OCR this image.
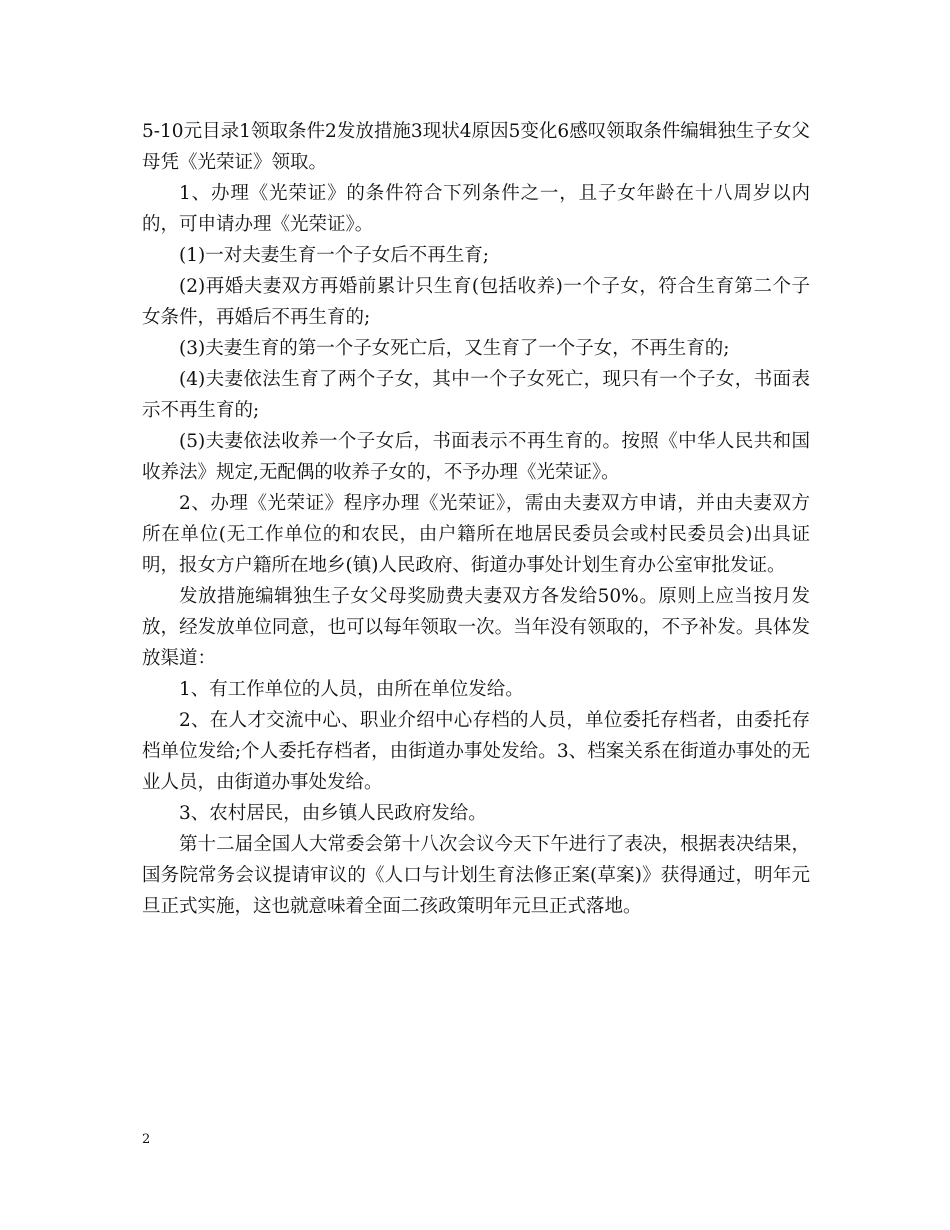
5-10元目录1领取条件2发放措施3现状4原因5变化6感叹领取条件编辑独生子女父母凭《光荣证》领取。

1、办理《光荣证》的条件符合下列条件之一，且子女年龄在十八周岁以内的，可申请办理《光荣证》。

(1)一对夫妻生育一个子女后不再生育;

(2)再婚夫妻双方再婚前累计只生育(包括收养)一个子女，符合生育第二个子女条件，再婚后不再生育的;

(3)夫妻生育的第一个子女死亡后，又生育了一个子女，不再生育的;

(4)夫妻依法生育了两个子女，其中一个子女死亡，现只有一个子女，书面表示不再生育的;

(5)夫妻依法收养一个子女后，书面表示不再生育的。按照《中华人民共和国收养法》规定,无配偶的收养子女的，不予办理《光荣证》。

2、办理《光荣证》程序办理《光荣证》，需由夫妻双方申请，并由夫妻双方所在单位(无工作单位的和农民，由户籍所在地居民委员会或村民委员会)出具证明，报女方户籍所在地乡(镇)人民政府、街道办事处计划生育办公室审批发证。

发放措施编辑独生子女父母奖励费夫妻双方各发给50%。原则上应当按月发放，经发放单位同意，也可以每年领取一次。当年没有领取的，不予补发。具体发放渠道：

1、有工作单位的人员，由所在单位发给。

2、在人才交流中心、职业介绍中心存档的人员，单位委托存档者，由委托存档单位发给;个人委托存档者，由街道办事处发给。3、档案关系在街道办事处的无业人员，由街道办事处发给。

3、农村居民，由乡镇人民政府发给。

第十二届全国人大常委会第十八次会议今天下午进行了表决，根据表决结果，国务院常务会议提请审议的《人口与计划生育法修正案(草案)》获得通过，明年元旦正式实施，这也就意味着全面二孩政策明年元旦正式落地。

2
